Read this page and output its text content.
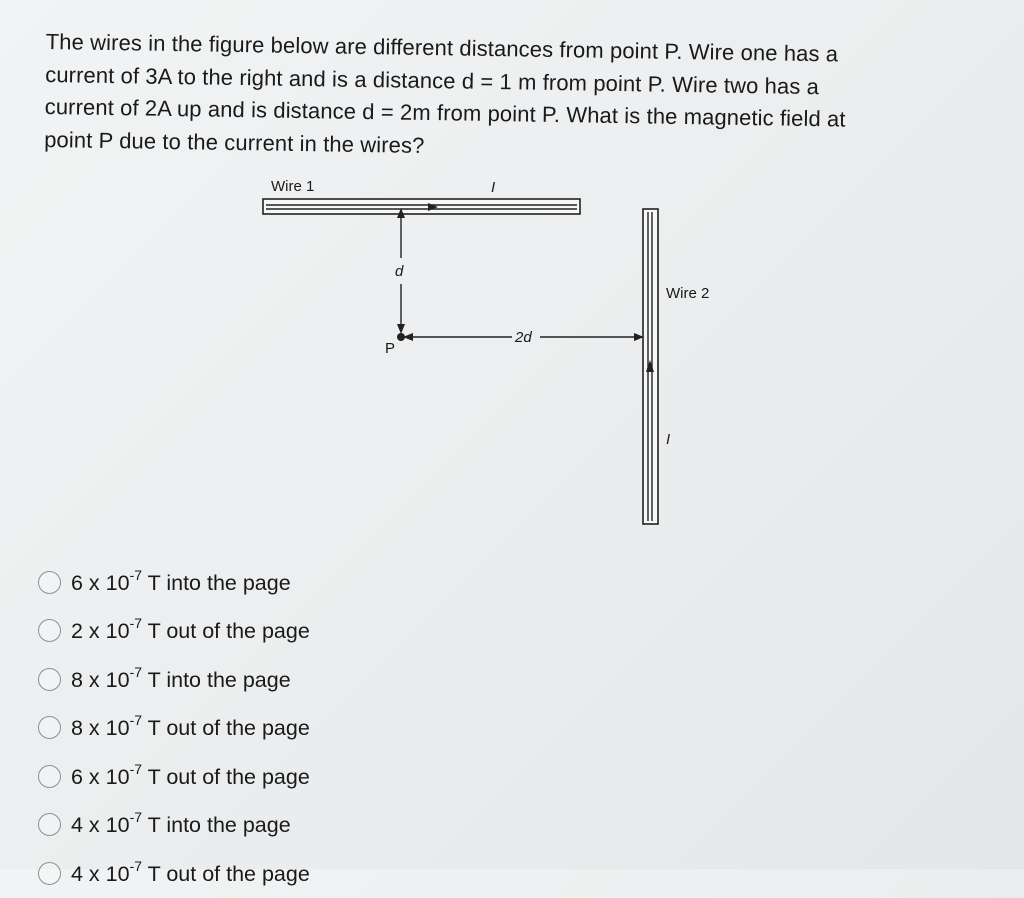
The wires in the figure below are different distances from point P. Wire one has a
current of 3A to the right and is a distance d = 1 m from point P. Wire two has a
current of 2A up and is distance d = 2m from point P. What is the magnetic field at
point P due to the current in the wires?
Wire 1	I
Wire 2
I
d
2d
P
6 x $10^{-7}$ T into the page
2 x $10^{-7}$ T out of the page
8 x $10^{-7}$ T into the page
8 x $10^{-7}$ T out of the page
6 x $10^{-7}$ T out of the page
4 x $10^{-7}$ T into the page
4 x $10^{-7}$ T out of the page
